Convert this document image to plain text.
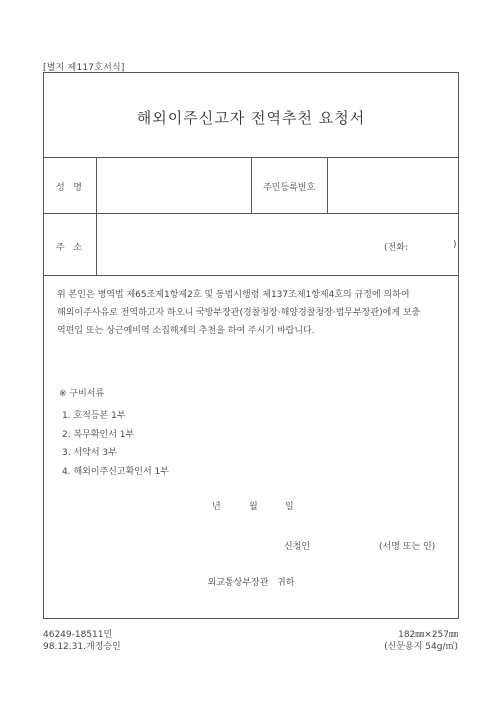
[별지 제117호서식]
해외이주신고자 전역추천 요청서
성   명	주민등록번호
주   소	(전화:	)

위 본인은 병역법 제65조제1항제2호 및 동법시행령 제137조제1항제4호의 규정에 의하여

해외이주사유로 전역하고자 하오니 국방부장관(경찰청장·해양경찰청장·법무부장관)에게 보충

역편입 또는 상근예비역 소집해제의 추천을 하여 주시기 바랍니다.

※ 구비서류
1. 호적등본 1부
2. 복무확인서 1부
3. 서약서 3부
4. 해외이주신고확인서 1부
년	월	일
신청인	(서명 또는 인)
외교통상부장관   귀하
46249-18511민
98.12.31.개정승인
182㎜×257㎜
(신문용지 54g/㎡)
